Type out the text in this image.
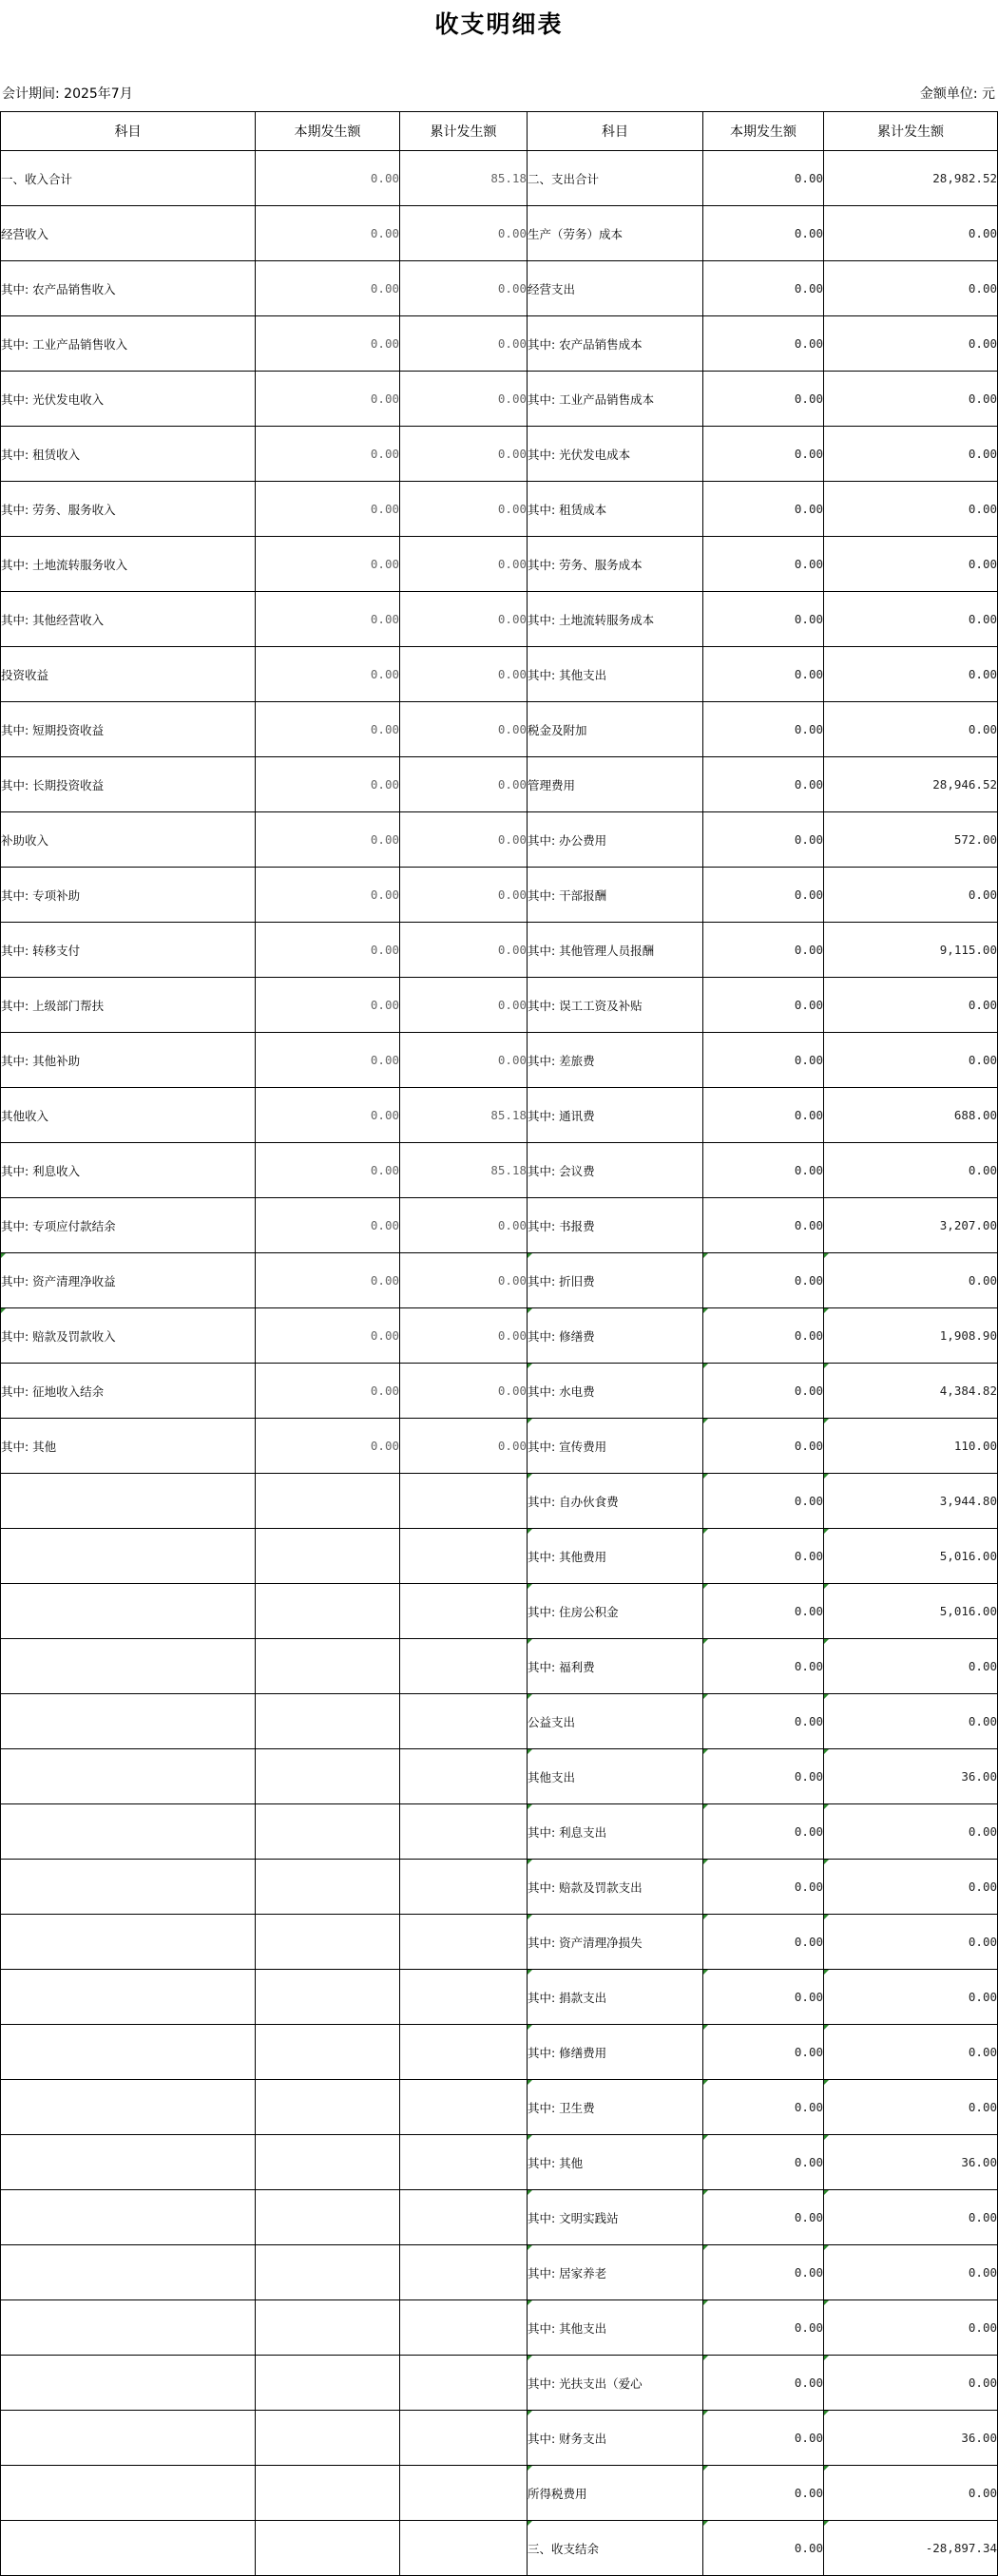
收支明细表
会计期间: 2025年7月	金额单位: 元
科目	本期发生额	累计发生额	科目	本期发生额	累计发生额
一、收入合计	0.00	85.18	二、支出合计	0.00	28,982.52
经营收入	0.00	0.00	生产（劳务）成本	0.00	0.00
其中: 农产品销售收入	0.00	0.00	经营支出	0.00	0.00
其中: 工业产品销售收入	0.00	0.00	其中: 农产品销售成本	0.00	0.00
其中: 光伏发电收入	0.00	0.00	其中: 工业产品销售成本	0.00	0.00
其中: 租赁收入	0.00	0.00	其中: 光伏发电成本	0.00	0.00
其中: 劳务、服务收入	0.00	0.00	其中: 租赁成本	0.00	0.00
其中: 土地流转服务收入	0.00	0.00	其中: 劳务、服务成本	0.00	0.00
其中: 其他经营收入	0.00	0.00	其中: 土地流转服务成本	0.00	0.00
投资收益	0.00	0.00	其中: 其他支出	0.00	0.00
其中: 短期投资收益	0.00	0.00	税金及附加	0.00	0.00
其中: 长期投资收益	0.00	0.00	管理费用	0.00	28,946.52
补助收入	0.00	0.00	其中: 办公费用	0.00	572.00
其中: 专项补助	0.00	0.00	其中: 干部报酬	0.00	0.00
其中: 转移支付	0.00	0.00	其中: 其他管理人员报酬	0.00	9,115.00
其中: 上级部门帮扶	0.00	0.00	其中: 误工工资及补贴	0.00	0.00
其中: 其他补助	0.00	0.00	其中: 差旅费	0.00	0.00
其他收入	0.00	85.18	其中: 通讯费	0.00	688.00
其中: 利息收入	0.00	85.18	其中: 会议费	0.00	0.00
其中: 专项应付款结余	0.00	0.00	其中: 书报费	0.00	3,207.00
其中: 资产清理净收益	0.00	0.00	其中: 折旧费	0.00	0.00
其中: 赔款及罚款收入	0.00	0.00	其中: 修缮费	0.00	1,908.90
其中: 征地收入结余	0.00	0.00	其中: 水电费	0.00	4,384.82
其中: 其他	0.00	0.00	其中: 宣传费用	0.00	110.00
			其中: 自办伙食费	0.00	3,944.80
			其中: 其他费用	0.00	5,016.00
			其中: 住房公积金	0.00	5,016.00
			其中: 福利费	0.00	0.00
			公益支出	0.00	0.00
			其他支出	0.00	36.00
			其中: 利息支出	0.00	0.00
			其中: 赔款及罚款支出	0.00	0.00
			其中: 资产清理净损失	0.00	0.00
			其中: 捐款支出	0.00	0.00
			其中: 修缮费用	0.00	0.00
			其中: 卫生费	0.00	0.00
			其中: 其他	0.00	36.00
			其中: 文明实践站	0.00	0.00
			其中: 居家养老	0.00	0.00
			其中: 其他支出	0.00	0.00
			其中: 光扶支出（爱心	0.00	0.00
			其中: 财务支出	0.00	36.00
			所得税费用	0.00	0.00
			三、收支结余	0.00	-28,897.34
